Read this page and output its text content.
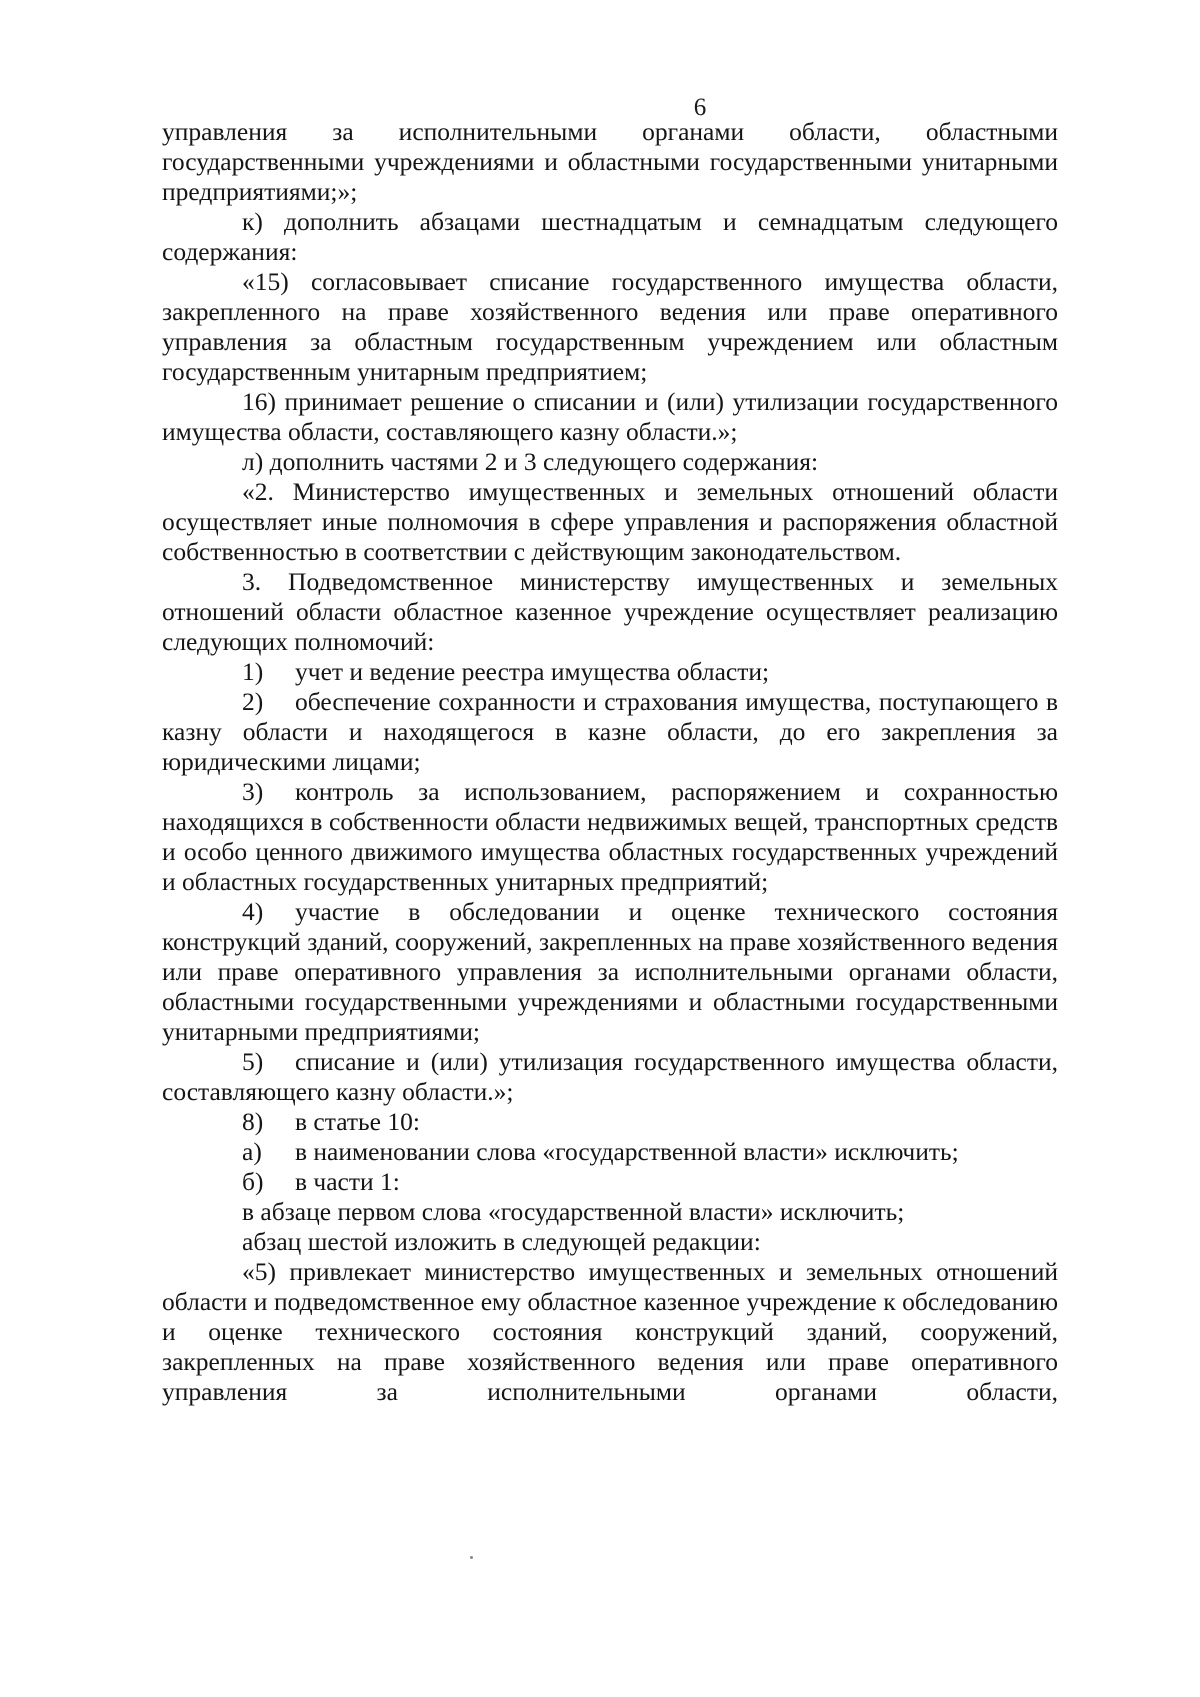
6

управления за исполнительными органами области, областными государственными учреждениями и областными государственными унитарными предприятиями;»;

к) дополнить абзацами шестнадцатым и семнадцатым следующего содержания:

«15) согласовывает списание государственного имущества области, закрепленного на праве хозяйственного ведения или праве оперативного управления за областным государственным учреждением или областным государственным унитарным предприятием;

16) принимает решение о списании и (или) утилизации государственного имущества области, составляющего казну области.»;

л) дополнить частями 2 и 3 следующего содержания:

«2. Министерство имущественных и земельных отношений области осуществляет иные полномочия в сфере управления и распоряжения областной собственностью в соответствии с действующим законодательством.

3. Подведомственное министерству имущественных и земельных отношений области областное казенное учреждение осуществляет реализацию следующих полномочий:

1) учет и ведение реестра имущества области;

2) обеспечение сохранности и страхования имущества, поступающего в казну области и находящегося в казне области, до его закрепления за юридическими лицами;

3) контроль за использованием, распоряжением и сохранностью находящихся в собственности области недвижимых вещей, транспортных средств и особо ценного движимого имущества областных государственных учреждений и областных государственных унитарных предприятий;

4) участие в обследовании и оценке технического состояния конструкций зданий, сооружений, закрепленных на праве хозяйственного ведения или праве оперативного управления за исполнительными органами области, областными государственными учреждениями и областными государственными унитарными предприятиями;

5) списание и (или) утилизация государственного имущества области, составляющего казну области.»;

8) в статье 10:

а) в наименовании слова «государственной власти» исключить;

б) в части 1:

в абзаце первом слова «государственной власти» исключить;

абзац шестой изложить в следующей редакции:

«5) привлекает министерство имущественных и земельных отношений области и подведомственное ему областное казенное учреждение к обследованию и оценке технического состояния конструкций зданий, сооружений, закрепленных на праве хозяйственного ведения или праве оперативного управления за исполнительными органами области,
